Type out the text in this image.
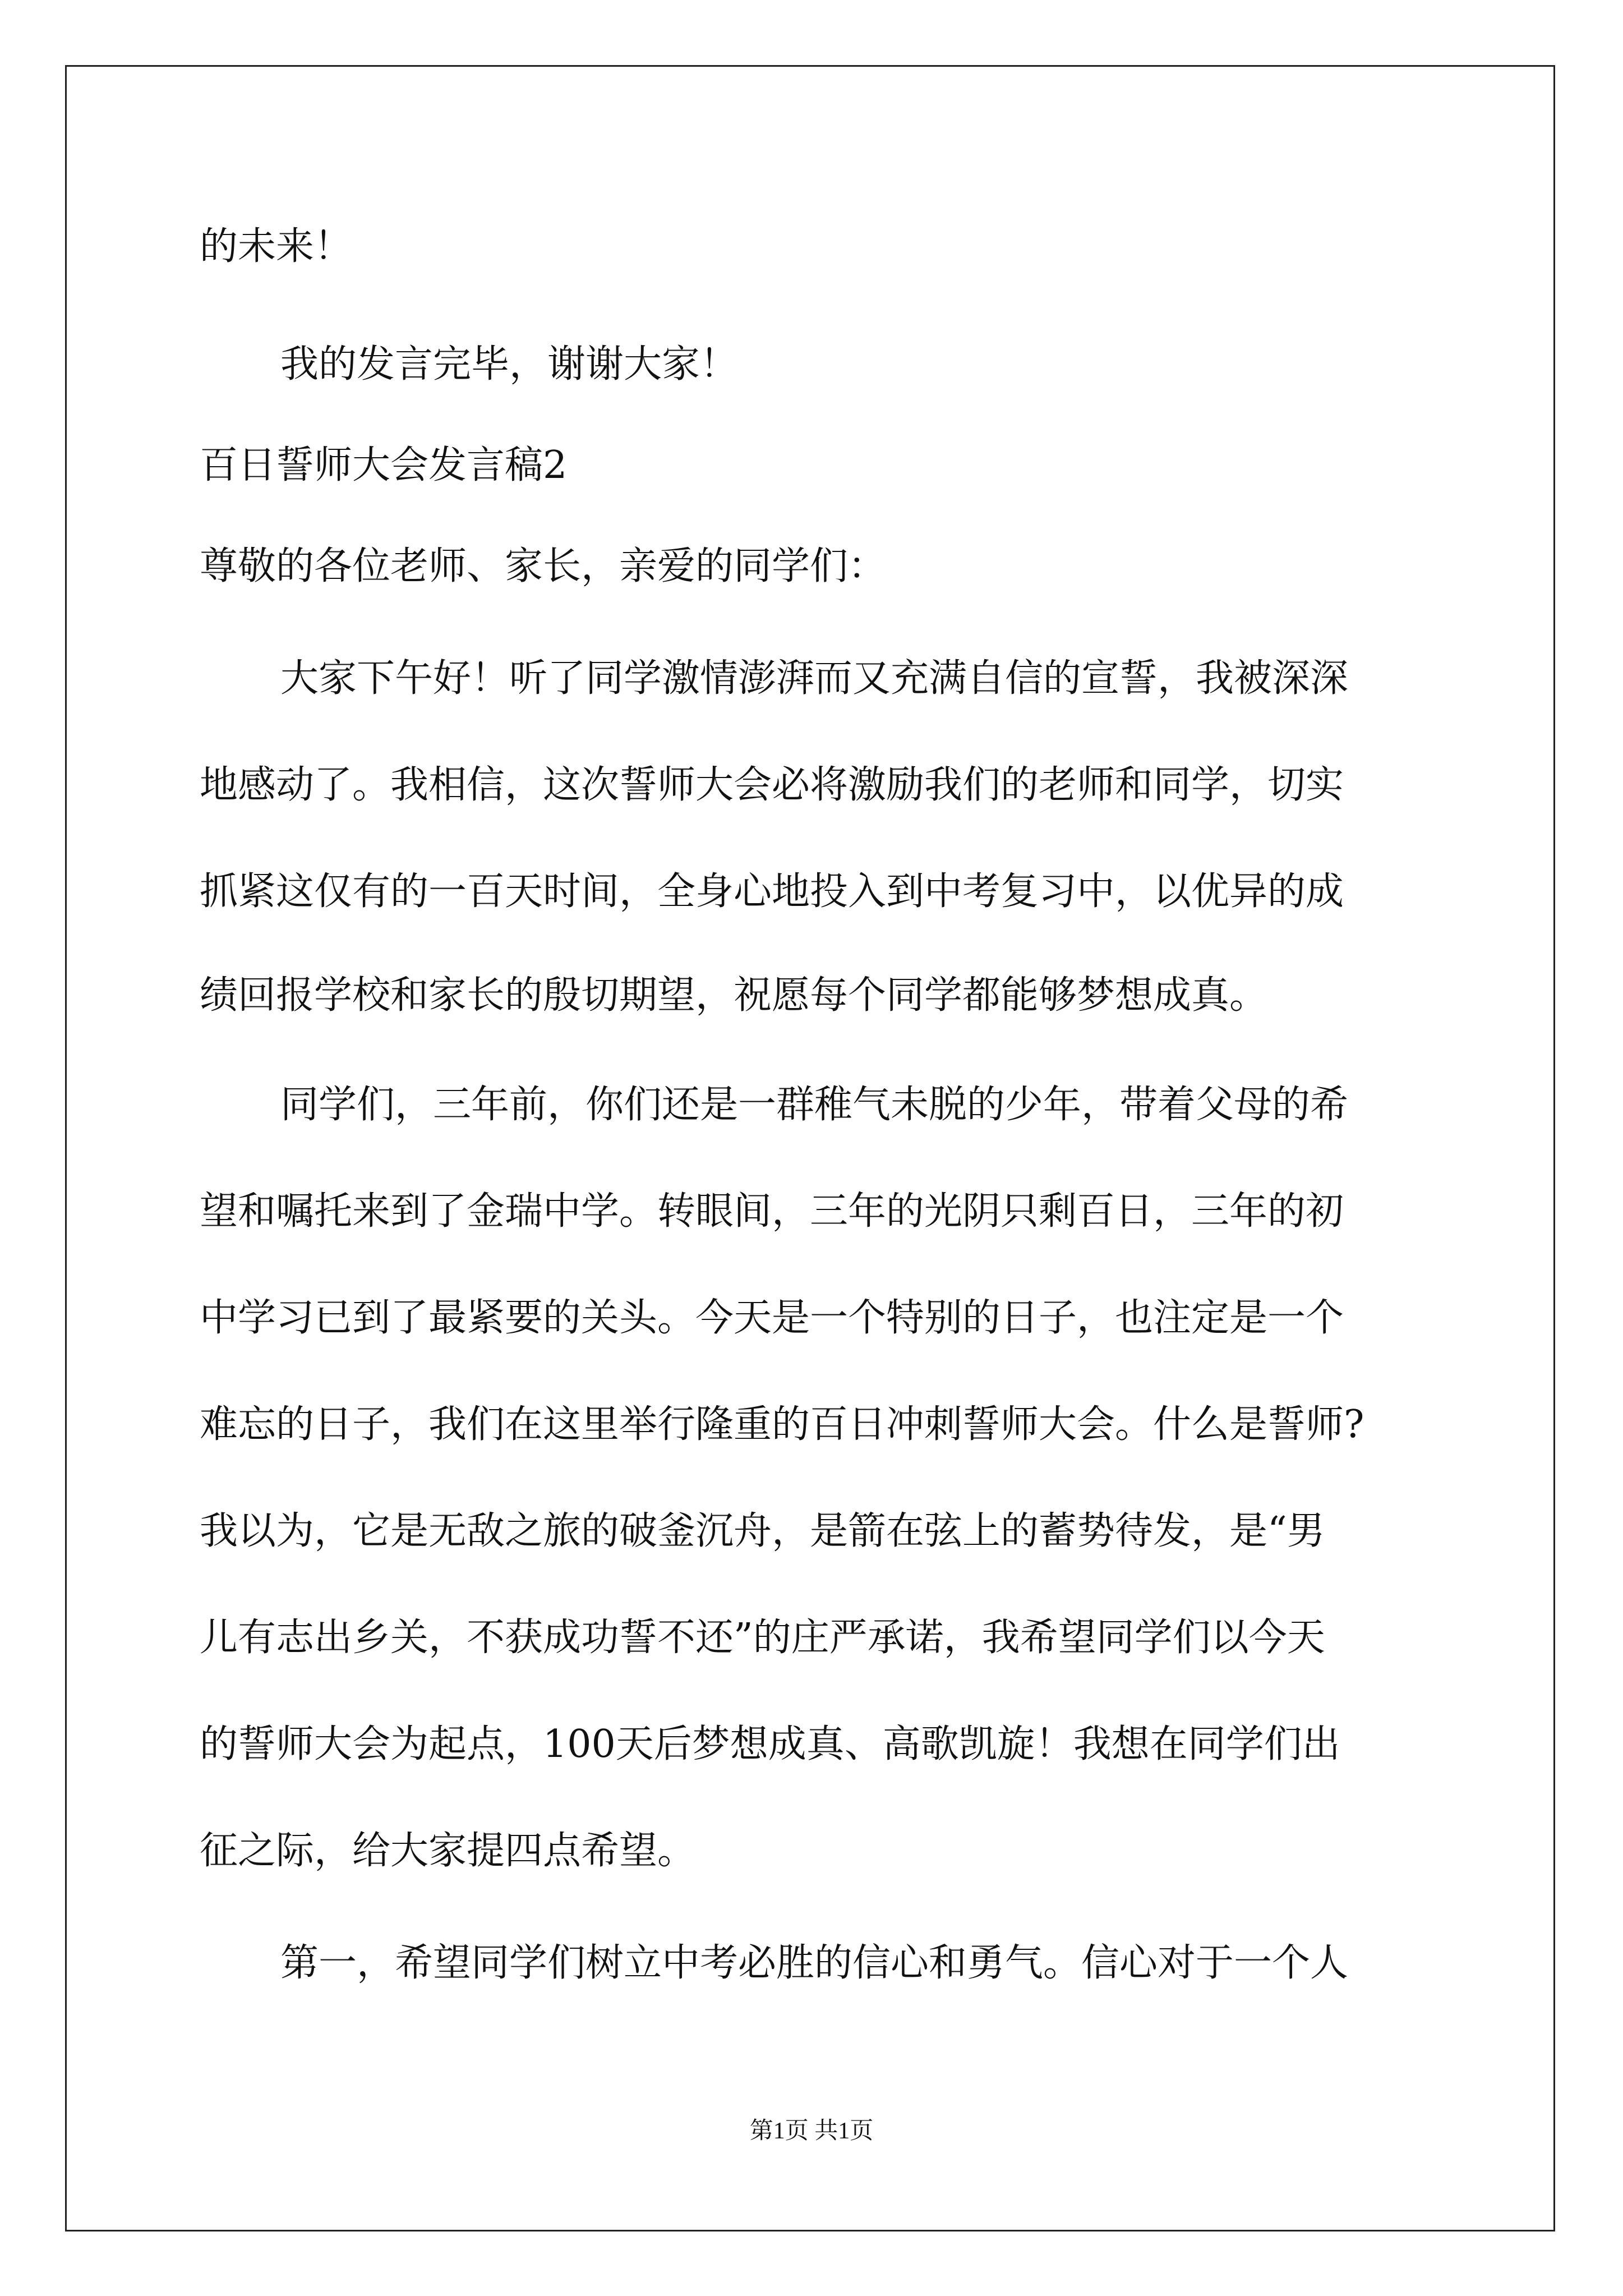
的未来！
我的发言完毕，谢谢大家！
百日誓师大会发言稿2
尊敬的各位老师、家长，亲爱的同学们：
大家下午好！听了同学激情澎湃而又充满自信的宣誓，我被深深
地感动了。我相信，这次誓师大会必将激励我们的老师和同学，切实
抓紧这仅有的一百天时间，全身心地投入到中考复习中，以优异的成
绩回报学校和家长的殷切期望，祝愿每个同学都能够梦想成真。
同学们，三年前，你们还是一群稚气未脱的少年，带着父母的希
望和嘱托来到了金瑞中学。转眼间，三年的光阴只剩百日，三年的初
中学习已到了最紧要的关头。今天是一个特别的日子，也注定是一个
难忘的日子，我们在这里举行隆重的百日冲刺誓师大会。什么是誓师?
我以为，它是无敌之旅的破釜沉舟，是箭在弦上的蓄势待发，是“男
儿有志出乡关，不获成功誓不还”的庄严承诺，我希望同学们以今天
的誓师大会为起点，100天后梦想成真、高歌凯旋！我想在同学们出
征之际，给大家提四点希望。
第一，希望同学们树立中考必胜的信心和勇气。信心对于一个人
第1页 共1页
